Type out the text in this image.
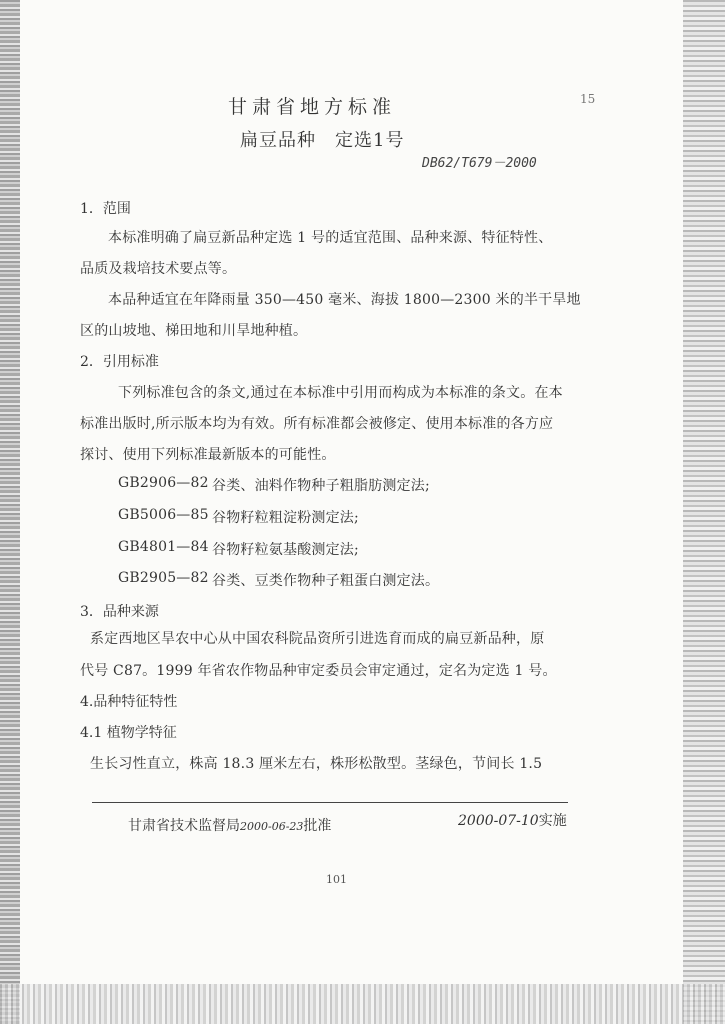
甘肃省地方标准
扁豆品种　定选1号
DB62/T679－2000
15
1．范围
本标准明确了扁豆新品种定选 1 号的适宜范围、品种来源、特征特性、
品质及栽培技术要点等。
本品种适宜在年降雨量 350—450 毫米、海拔 1800—2300 米的半干旱地
区的山坡地、梯田地和川旱地种植。
2．引用标准
下列标准包含的条文,通过在本标准中引用而构成为本标准的条文。在本
标准出版时,所示版本均为有效。所有标准都会被修定、使用本标准的各方应
探讨、使用下列标准最新版本的可能性。
GB2906—82 谷类、油料作物种子粗脂肪测定法;
GB5006—85 谷物籽粒粗淀粉测定法;
GB4801—84 谷物籽粒氨基酸测定法;
GB2905—82 谷类、豆类作物种子粗蛋白测定法。
3．品种来源
系定西地区旱农中心从中国农科院品资所引进选育而成的扁豆新品种，原
代号 C87。1999 年省农作物品种审定委员会审定通过，定名为定选 1 号。
4.品种特征特性
4.1 植物学特征
生长习性直立，株高 18.3 厘米左右，株形松散型。茎绿色，节间长 1.5
甘肃省技术监督局2000-06-23批准	2000-07-10实施
101
